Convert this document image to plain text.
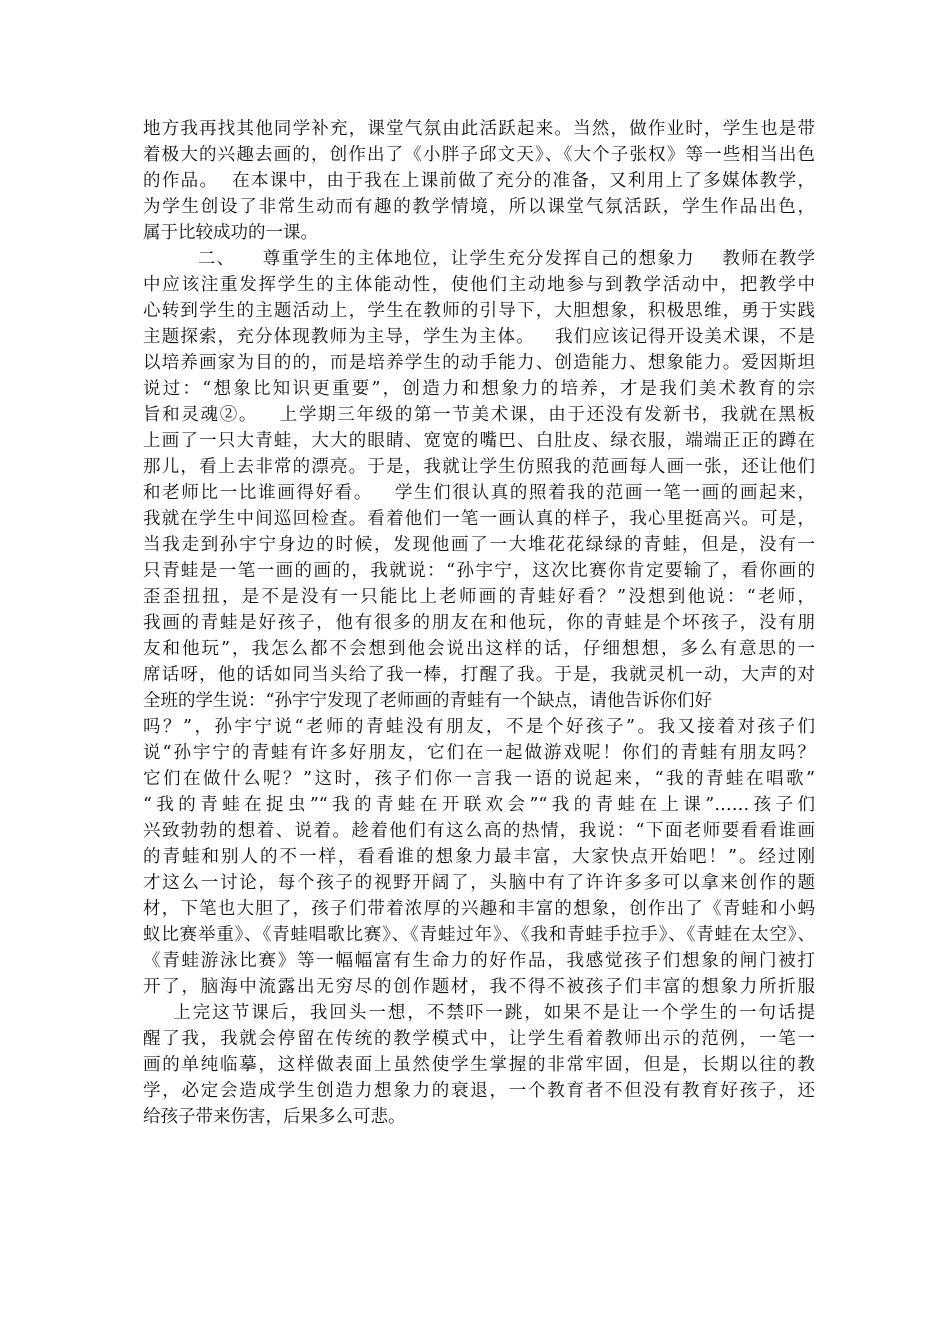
地方我再找其他同学补充，课堂气氛由此活跃起来。当然，做作业时，学生也是带
着极大的兴趣去画的，创作出了《小胖子邱文天》、《大个子张权》等一些相当出色
的作品。  在本课中，由于我在上课前做了充分的准备，又利用上了多媒体教学，
为学生创设了非常生动而有趣的教学情境，所以课堂气氛活跃，学生作品出色，
属于比较成功的一课。
二、    尊重学生的主体地位，让学生充分发挥自己的想象力    教师在教学
中应该注重发挥学生的主体能动性，使他们主动地参与到教学活动中，把教学中
心转到学生的主题活动上，学生在教师的引导下，大胆想象，积极思维，勇于实践
主题探索，充分体现教师为主导，学生为主体。   我们应该记得开设美术课，不是
以培养画家为目的的，而是培养学生的动手能力、创造能力、想象能力。爱因斯坦
说过：“想象比知识更重要”，创造力和想象力的培养，才是我们美术教育的宗
旨和灵魂②。   上学期三年级的第一节美术课，由于还没有发新书，我就在黑板
上画了一只大青蛙，大大的眼睛、宽宽的嘴巴、白肚皮、绿衣服，端端正正的蹲在
那儿，看上去非常的漂亮。于是，我就让学生仿照我的范画每人画一张，还让他们
和老师比一比谁画得好看。   学生们很认真的照着我的范画一笔一画的画起来，
我就在学生中间巡回检查。看着他们一笔一画认真的样子，我心里挺高兴。可是，
当我走到孙宇宁身边的时候，发现他画了一大堆花花绿绿的青蛙，但是，没有一
只青蛙是一笔一画的画的，我就说：“孙宇宁，这次比赛你肯定要输了，看你画的
歪歪扭扭，是不是没有一只能比上老师画的青蛙好看？”没想到他说：“老师，
我画的青蛙是好孩子，他有很多的朋友在和他玩，你的青蛙是个坏孩子，没有朋
友和他玩”，我怎么都不会想到他会说出这样的话，仔细想想，多么有意思的一
席话呀，他的话如同当头给了我一棒，打醒了我。于是，我就灵机一动，大声的对
全班的学生说：“孙宇宁发现了老师画的青蛙有一个缺点，请他告诉你们好
吗？”，孙宇宁说“老师的青蛙没有朋友，不是个好孩子”。我又接着对孩子们
说“孙宇宁的青蛙有许多好朋友，它们在一起做游戏呢！你们的青蛙有朋友吗？
它们在做什么呢？”这时，孩子们你一言我一语的说起来，“我的青蛙在唱歌”
“我的青蛙在捉虫”“我的青蛙在开联欢会”“我的青蛙在上课”……孩子们
兴致勃勃的想着、说着。趁着他们有这么高的热情，我说：“下面老师要看看谁画
的青蛙和别人的不一样，看看谁的想象力最丰富，大家快点开始吧！”。经过刚
才这么一讨论，每个孩子的视野开阔了，头脑中有了许许多多可以拿来创作的题
材，下笔也大胆了，孩子们带着浓厚的兴趣和丰富的想象，创作出了《青蛙和小蚂
蚁比赛举重》、《青蛙唱歌比赛》、《青蛙过年》、《我和青蛙手拉手》、《青蛙在太空》、
《青蛙游泳比赛》等一幅幅富有生命力的好作品，我感觉孩子们想象的闸门被打
开了，脑海中流露出无穷尽的创作题材，我不得不被孩子们丰富的想象力所折服
上完这节课后，我回头一想，不禁吓一跳，如果不是让一个学生的一句话提
醒了我，我就会停留在传统的教学模式中，让学生看着教师出示的范例，一笔一
画的单纯临摹，这样做表面上虽然使学生掌握的非常牢固，但是，长期以往的教
学，必定会造成学生创造力想象力的衰退，一个教育者不但没有教育好孩子，还
给孩子带来伤害，后果多么可悲。
